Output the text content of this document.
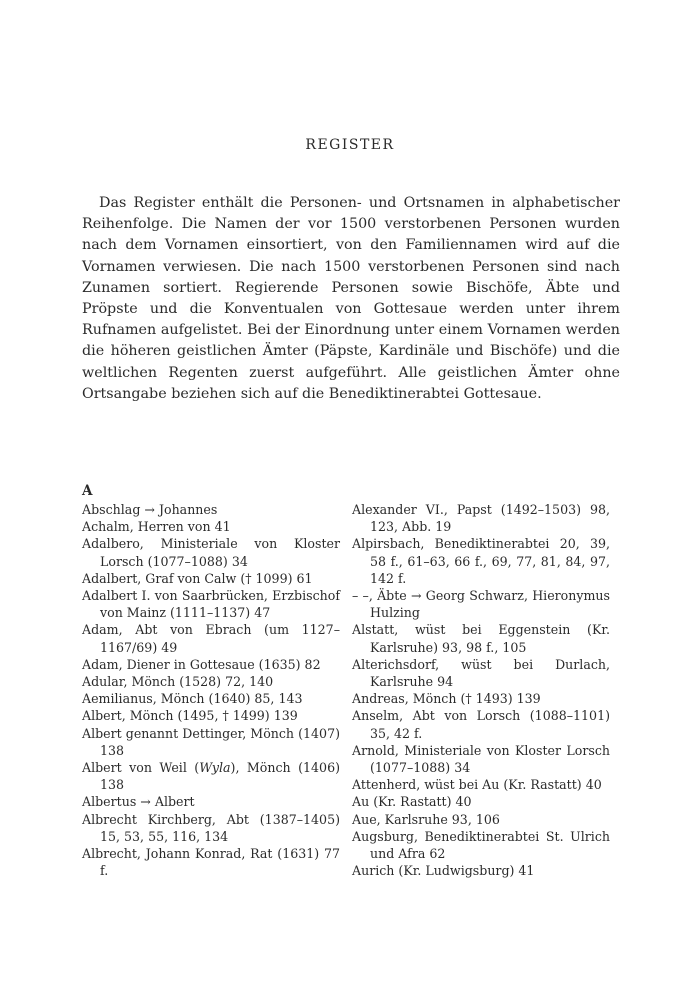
REGISTER

Das Register enthält die Personen- und Ortsnamen in alphabetischer Reihenfolge. Die Namen der vor 1500 verstorbenen Personen wurden nach dem Vornamen einsortiert, von den Familiennamen wird auf die Vornamen verwiesen. Die nach 1500 verstorbenen Personen sind nach Zunamen sortiert. Regierende Personen sowie Bischöfe, Äbte und Pröpste und die Konventualen von Gottesaue werden unter ihrem Rufnamen aufgelistet. Bei der Einordnung unter einem Vornamen werden die höheren geistlichen Ämter (Päpste, Kardinäle und Bischöfe) und die weltlichen Regenten zuerst aufgeführt. Alle geistlichen Ämter ohne Ortsangabe beziehen sich auf die Benediktinerabtei Gottesaue.

A

Abschlag → Johannes

Achalm, Herren von 41

Adalbero, Ministeriale von Kloster Lorsch (1077–1088) 34

Adalbert, Graf von Calw († 1099) 61

Adalbert I. von Saarbrücken, Erzbischof von Mainz (1111–1137) 47

Adam, Abt von Ebrach (um 1127–1167/69) 49

Adam, Diener in Gottesaue (1635) 82

Adular, Mönch (1528) 72, 140

Aemilianus, Mönch (1640) 85, 143

Albert, Mönch (1495, † 1499) 139

Albert genannt Dettinger, Mönch (1407) 138

Albert von Weil (Wyla), Mönch (1406) 138

Albertus → Albert

Albrecht Kirchberg, Abt (1387–1405) 15, 53, 55, 116, 134

Albrecht, Johann Konrad, Rat (1631) 77 f.

Alexander VI., Papst (1492–1503) 98, 123, Abb. 19

Alpirsbach, Benediktinerabtei 20, 39, 58 f., 61–63, 66 f., 69, 77, 81, 84, 97, 142 f.

– –, Äbte → Georg Schwarz, Hieronymus Hulzing

Alstatt, wüst bei Eggenstein (Kr. Karlsruhe) 93, 98 f., 105

Alterichsdorf, wüst bei Durlach, Karlsruhe 94

Andreas, Mönch († 1493) 139

Anselm, Abt von Lorsch (1088–1101) 35, 42 f.

Arnold, Ministeriale von Kloster Lorsch (1077–1088) 34

Attenherd, wüst bei Au (Kr. Rastatt) 40

Au (Kr. Rastatt) 40

Aue, Karlsruhe 93, 106

Augsburg, Benediktinerabtei St. Ulrich und Afra 62

Aurich (Kr. Ludwigsburg) 41
